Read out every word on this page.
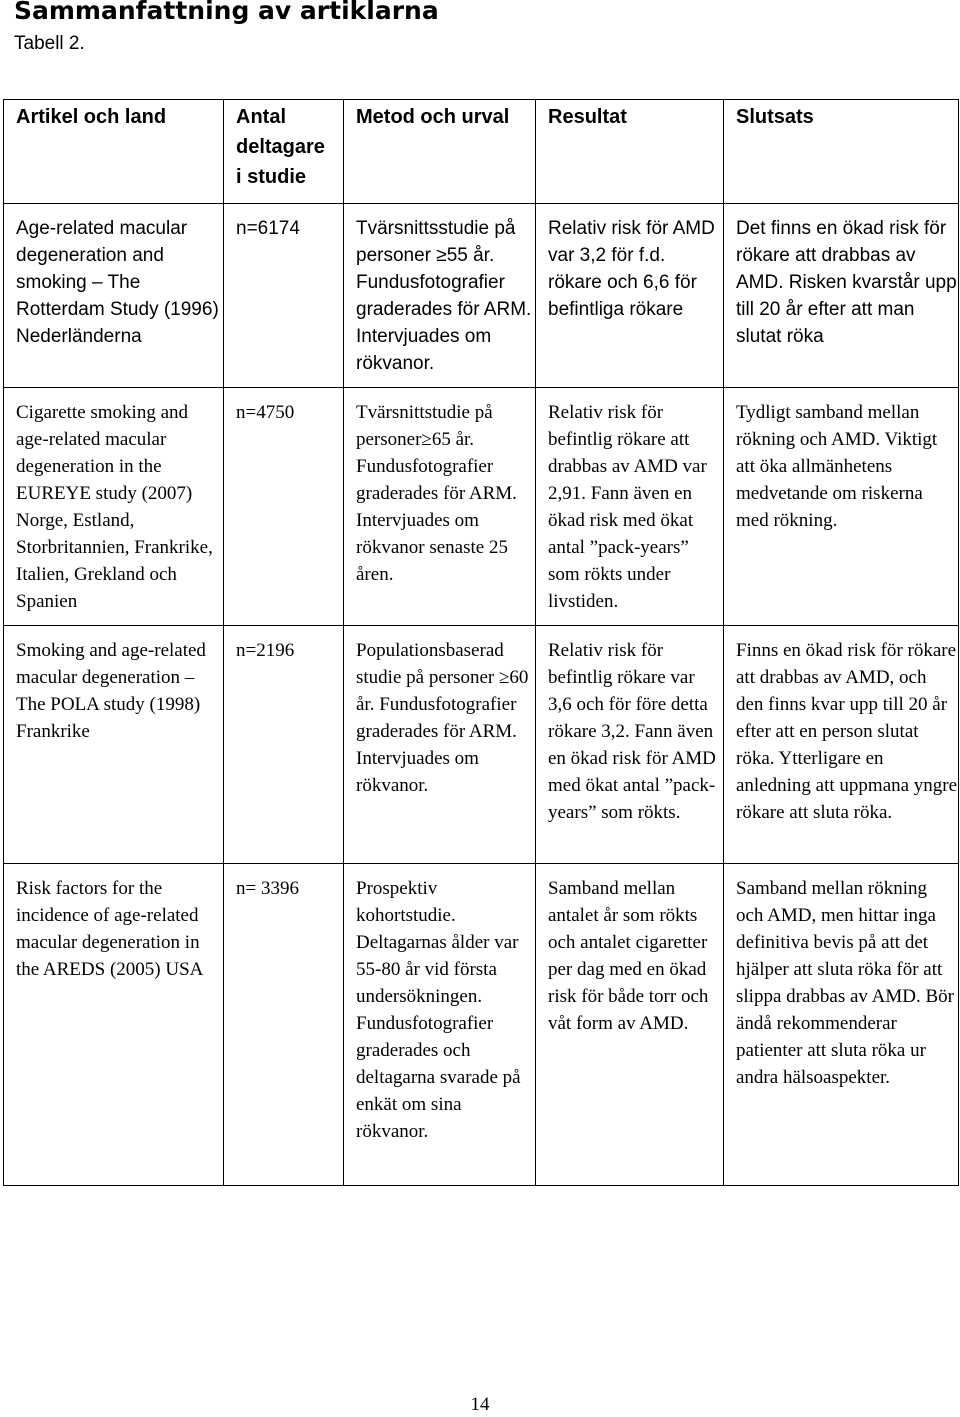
Sammanfattning av artiklarna
Tabell 2.
Artikel och land	Antal
deltagare
i studie	Metod och urval	Resultat	Slutsats
Age-related macular degeneration and smoking – The Rotterdam Study (1996) Nederländerna	n=6174	Tvärsnittsstudie på personer ≥55 år. Fundusfotografier graderades för ARM. Intervjuades om rökvanor.	Relativ risk för AMD var 3,2 för f.d. rökare och 6,6 för befintliga rökare	Det finns en ökad risk för rökare att drabbas av AMD. Risken kvarstår upp till 20 år efter att man slutat röka
Cigarette smoking and age-related macular degeneration in the EUREYE study (2007) Norge, Estland, Storbritannien, Frankrike, Italien, Grekland och Spanien	n=4750	Tvärsnittstudie på personer≥65 år. Fundusfotografier graderades för ARM. Intervjuades om rökvanor senaste 25 åren.	Relativ risk för befintlig rökare att drabbas av AMD var 2,91. Fann även en ökad risk med ökat antal ”pack-years” som rökts under livstiden.	Tydligt samband mellan rökning och AMD. Viktigt att öka allmänhetens medvetande om riskerna med rökning.
Smoking and age-related macular degeneration – The POLA study (1998) Frankrike	n=2196	Populationsbaserad studie på personer ≥60 år. Fundusfotografier graderades för ARM. Intervjuades om rökvanor.	Relativ risk för befintlig rökare var 3,6 och för före detta rökare 3,2. Fann även en ökad risk för AMD med ökat antal ”pack-years” som rökts.	Finns en ökad risk för rökare att drabbas av AMD, och den finns kvar upp till 20 år efter att en person slutat röka. Ytterligare en anledning att uppmana yngre rökare att sluta röka.
Risk factors for the incidence of age-related macular degeneration in the AREDS (2005) USA	n= 3396	Prospektiv kohortstudie. Deltagarnas ålder var 55-80 år vid första undersökningen. Fundusfotografier graderades och deltagarna svarade på enkät om sina rökvanor.	Samband mellan antalet år som rökts och antalet cigaretter per dag med en ökad risk för både torr och våt form av AMD.	Samband mellan rökning och AMD, men hittar inga definitiva bevis på att det hjälper att sluta röka för att slippa drabbas av AMD. Bör ändå rekommenderar patienter att sluta röka ur andra hälsoaspekter.
14
